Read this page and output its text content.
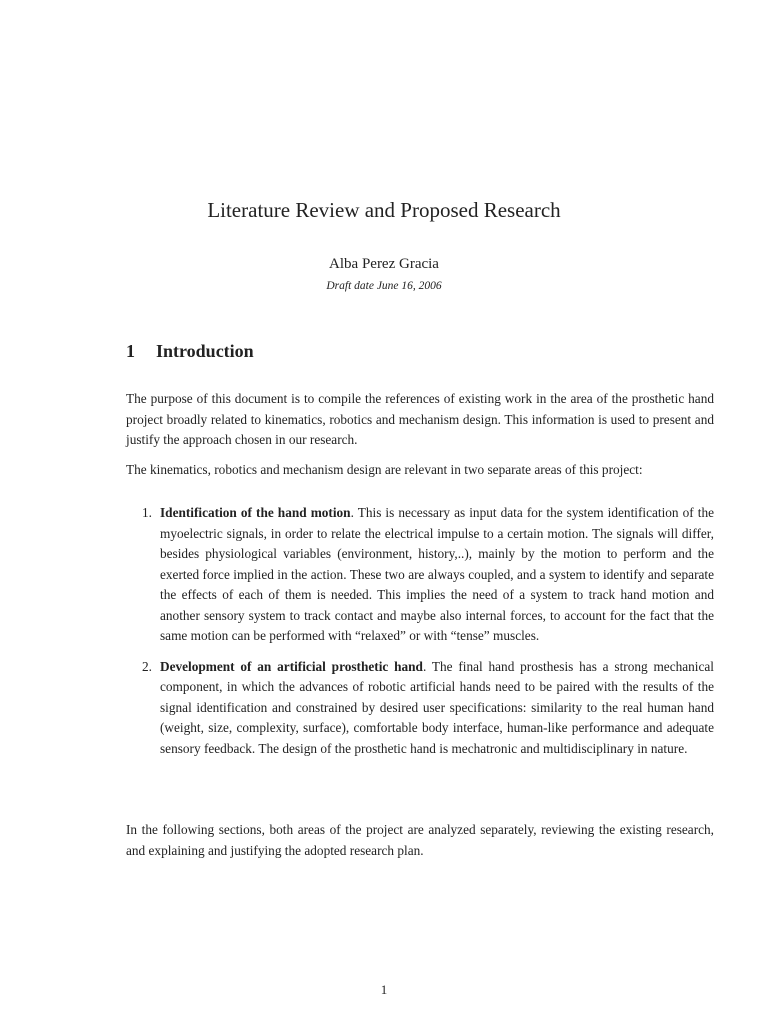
Literature Review and Proposed Research

Alba Perez Gracia

Draft date June 16, 2006

1 Introduction

The purpose of this document is to compile the references of existing work in the area of the prosthetic hand project broadly related to kinematics, robotics and mechanism design. This information is used to present and justify the approach chosen in our research.

The kinematics, robotics and mechanism design are relevant in two separate areas of this project:

1. Identification of the hand motion. This is necessary as input data for the system identification of the myoelectric signals, in order to relate the electrical impulse to a certain motion. The signals will differ, besides physiological variables (environment, history,..), mainly by the motion to perform and the exerted force implied in the action. These two are always coupled, and a system to identify and separate the effects of each of them is needed. This implies the need of a system to track hand motion and another sensory system to track contact and maybe also internal forces, to account for the fact that the same motion can be performed with “relaxed” or with “tense” muscles.
2. Development of an artificial prosthetic hand. The final hand prosthesis has a strong mechanical component, in which the advances of robotic artificial hands need to be paired with the results of the signal identification and constrained by desired user specifications: similarity to the real human hand (weight, size, complexity, surface), comfortable body interface, human-like performance and adequate sensory feedback. The design of the prosthetic hand is mechatronic and multidisciplinary in nature.

In the following sections, both areas of the project are analyzed separately, reviewing the existing research, and explaining and justifying the adopted research plan.

1
